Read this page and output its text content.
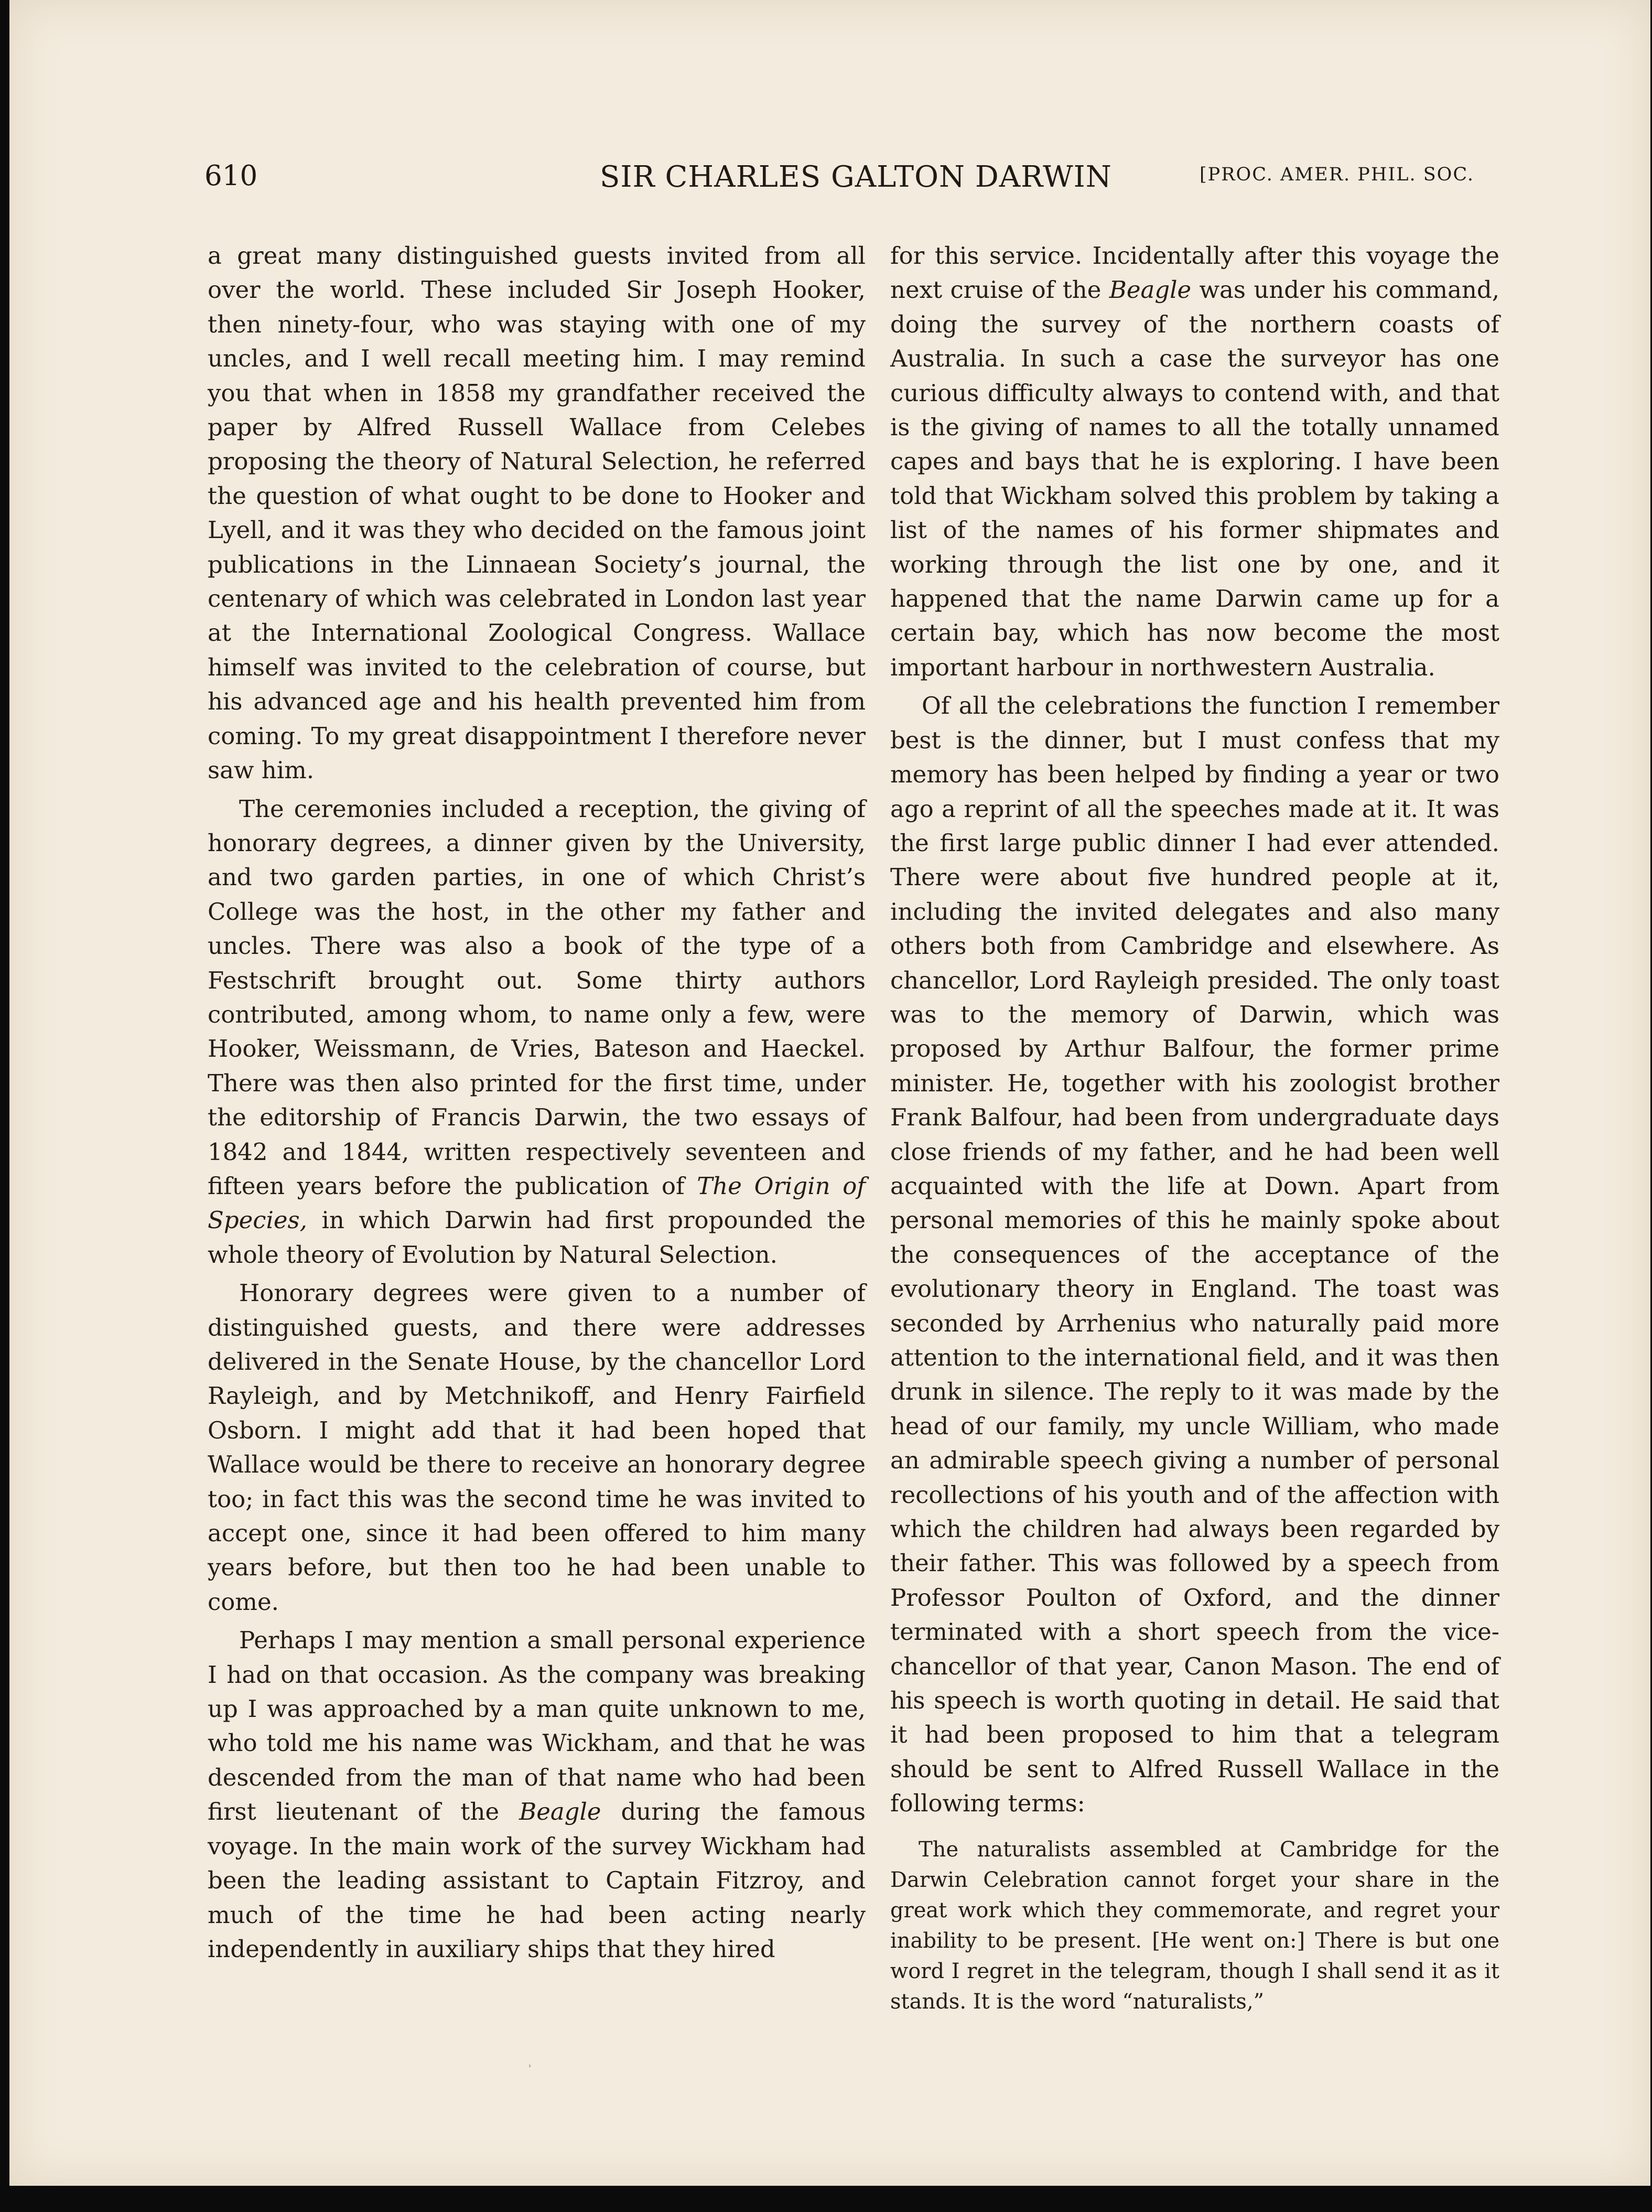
610	SIR CHARLES GALTON DARWIN	[PROC. AMER. PHIL. SOC.

a great many distinguished guests invited from all over the world. These included Sir Joseph Hooker, then ninety-four, who was staying with one of my uncles, and I well recall meeting him. I may remind you that when in 1858 my grandfather received the paper by Alfred Russell Wallace from Celebes proposing the theory of Natural Selection, he referred the question of what ought to be done to Hooker and Lyell, and it was they who decided on the famous joint publications in the Linnaean Society’s journal, the centenary of which was celebrated in London last year at the International Zoological Congress. Wallace himself was invited to the celebration of course, but his advanced age and his health prevented him from coming. To my great disappointment I therefore never saw him.

The ceremonies included a reception, the giving of honorary degrees, a dinner given by the University, and two garden parties, in one of which Christ’s College was the host, in the other my father and uncles. There was also a book of the type of a Festschrift brought out. Some thirty authors contributed, among whom, to name only a few, were Hooker, Weissmann, de Vries, Bateson and Haeckel. There was then also printed for the first time, under the editorship of Francis Darwin, the two essays of 1842 and 1844, written respectively seventeen and fifteen years before the publication of The Origin of Species, in which Darwin had first propounded the whole theory of Evolution by Natural Selection.

Honorary degrees were given to a number of distinguished guests, and there were addresses delivered in the Senate House, by the chancellor Lord Rayleigh, and by Metchnikoff, and Henry Fairfield Osborn. I might add that it had been hoped that Wallace would be there to receive an honorary degree too; in fact this was the second time he was invited to accept one, since it had been offered to him many years before, but then too he had been unable to come.

Perhaps I may mention a small personal experience I had on that occasion. As the company was breaking up I was approached by a man quite unknown to me, who told me his name was Wickham, and that he was descended from the man of that name who had been first lieutenant of the Beagle during the famous voyage. In the main work of the survey Wickham had been the leading assistant to Captain Fitzroy, and much of the time he had been acting nearly independently in auxiliary ships that they hired

for this service. Incidentally after this voyage the next cruise of the Beagle was under his command, doing the survey of the northern coasts of Australia. In such a case the surveyor has one curious difficulty always to contend with, and that is the giving of names to all the totally unnamed capes and bays that he is exploring. I have been told that Wickham solved this problem by taking a list of the names of his former shipmates and working through the list one by one, and it happened that the name Darwin came up for a certain bay, which has now become the most important harbour in northwestern Australia.

Of all the celebrations the function I remember best is the dinner, but I must confess that my memory has been helped by finding a year or two ago a reprint of all the speeches made at it. It was the first large public dinner I had ever attended. There were about five hundred people at it, including the invited delegates and also many others both from Cambridge and elsewhere. As chancellor, Lord Rayleigh presided. The only toast was to the memory of Darwin, which was proposed by Arthur Balfour, the former prime minister. He, together with his zoologist brother Frank Balfour, had been from undergraduate days close friends of my father, and he had been well acquainted with the life at Down. Apart from personal memories of this he mainly spoke about the consequences of the acceptance of the evolutionary theory in England. The toast was seconded by Arrhenius who naturally paid more attention to the international field, and it was then drunk in silence. The reply to it was made by the head of our family, my uncle William, who made an admirable speech giving a number of personal recollections of his youth and of the affection with which the children had always been regarded by their father. This was followed by a speech from Professor Poulton of Oxford, and the dinner terminated with a short speech from the vice-chancellor of that year, Canon Mason. The end of his speech is worth quoting in detail. He said that it had been proposed to him that a telegram should be sent to Alfred Russell Wallace in the following terms:

The naturalists assembled at Cambridge for the Darwin Celebration cannot forget your share in the great work which they commemorate, and regret your inability to be present. [He went on:] There is but one word I regret in the telegram, though I shall send it as it stands. It is the word “naturalists,”

˒
